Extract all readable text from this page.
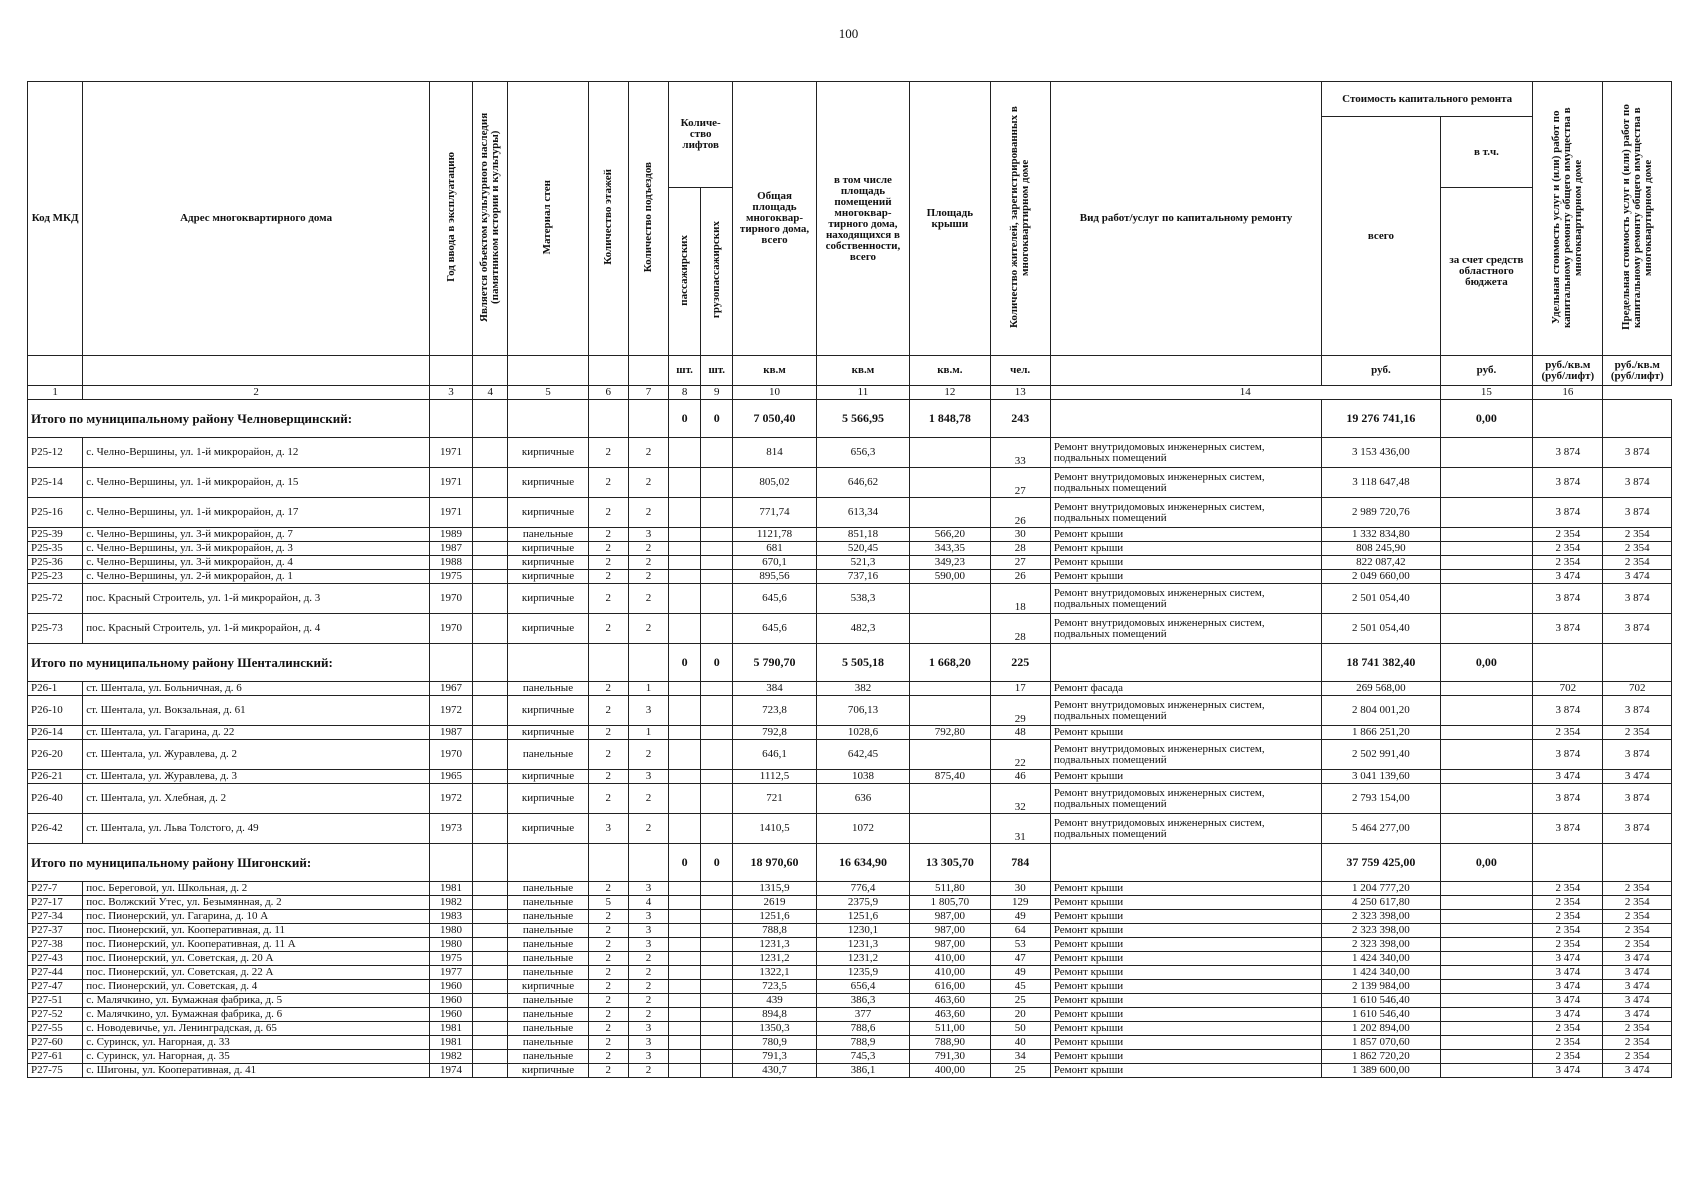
100
Код МКД	Адрес многоквартирного дома	Год ввода в эксплуатацию	Является объектом культурного наследия (памятником истории и культуры)	Материал стен	Количество этажей	Количество подъездов	Количе-ство лифтов		Общая площадь многоквар-тирного дома, всего	в том числе площадь помещений многоквар-тирного дома, находящихся в собственности, всего	Площадь крыши	Количество жителей, зарегистрированных в многоквартирном доме	Вид работ/услуг по капитальному ремонту	Стоимость капитального ремонта		Удельная стоимость услуг и (или) работ по капитальному ремонту общего имущества в многоквартирном доме	Предельная стоимость услуг и (или) работ по капитальному ремонту общего имущества в многоквартирном доме
														всего	в т.ч.		
							пассажирских	грузопассажирских							за счет средств областного бюджета		
							шт.	шт.	кв.м	кв.м	кв.м.	чел.		руб.	руб.	руб./кв.м (руб/лифт)	руб./кв.м (руб/лифт)
1	2	3	4	5	6	7	8	9	10	11	12	13	14		15	16	
Итого по муниципальному району Челноверщинский:							0	0	7 050,40	5 566,95	1 848,78	243		19 276 741,16	0,00		
P25-12	с. Челно-Вершины, ул. 1-й микрорайон, д. 12	1971		кирпичные	2	2			814	656,3		33	Ремонт внутридомовых инженерных систем, подвальных помещений	3 153 436,00		3 874	3 874
P25-14	с. Челно-Вершины, ул. 1-й микрорайон, д. 15	1971		кирпичные	2	2			805,02	646,62		27	Ремонт внутридомовых инженерных систем, подвальных помещений	3 118 647,48		3 874	3 874
P25-16	с. Челно-Вершины, ул. 1-й микрорайон, д. 17	1971		кирпичные	2	2			771,74	613,34		26	Ремонт внутридомовых инженерных систем, подвальных помещений	2 989 720,76		3 874	3 874
P25-39	с. Челно-Вершины, ул. 3-й микрорайон, д. 7	1989		панельные	2	3			1121,78	851,18	566,20	30	Ремонт крыши	1 332 834,80		2 354	2 354
P25-35	с. Челно-Вершины, ул. 3-й микрорайон, д. 3	1987		кирпичные	2	2			681	520,45	343,35	28	Ремонт крыши	808 245,90		2 354	2 354
P25-36	с. Челно-Вершины, ул. 3-й микрорайон, д. 4	1988		кирпичные	2	2			670,1	521,3	349,23	27	Ремонт крыши	822 087,42		2 354	2 354
P25-23	с. Челно-Вершины, ул. 2-й микрорайон, д. 1	1975		кирпичные	2	2			895,56	737,16	590,00	26	Ремонт крыши	2 049 660,00		3 474	3 474
P25-72	пос. Красный Строитель, ул. 1-й микрорайон, д. 3	1970		кирпичные	2	2			645,6	538,3		18	Ремонт внутридомовых инженерных систем, подвальных помещений	2 501 054,40		3 874	3 874
P25-73	пос. Красный Строитель, ул. 1-й микрорайон, д. 4	1970		кирпичные	2	2			645,6	482,3		28	Ремонт внутридомовых инженерных систем, подвальных помещений	2 501 054,40		3 874	3 874
Итого по муниципальному району Шенталинский:							0	0	5 790,70	5 505,18	1 668,20	225		18 741 382,40	0,00		
P26-1	ст. Шентала, ул. Больничная, д. 6	1967		панельные	2	1			384	382		17	Ремонт фасада	269 568,00		702	702
P26-10	ст. Шентала, ул. Вокзальная, д. 61	1972		кирпичные	2	3			723,8	706,13		29	Ремонт внутридомовых инженерных систем, подвальных помещений	2 804 001,20		3 874	3 874
P26-14	ст. Шентала, ул. Гагарина, д. 22	1987		кирпичные	2	1			792,8	1028,6	792,80	48	Ремонт крыши	1 866 251,20		2 354	2 354
P26-20	ст. Шентала, ул. Журавлева, д. 2	1970		панельные	2	2			646,1	642,45		22	Ремонт внутридомовых инженерных систем, подвальных помещений	2 502 991,40		3 874	3 874
P26-21	ст. Шентала, ул. Журавлева, д. 3	1965		кирпичные	2	3			1112,5	1038	875,40	46	Ремонт крыши	3 041 139,60		3 474	3 474
P26-40	ст. Шентала, ул. Хлебная, д. 2	1972		кирпичные	2	2			721	636		32	Ремонт внутридомовых инженерных систем, подвальных помещений	2 793 154,00		3 874	3 874
P26-42	ст. Шентала, ул. Льва Толстого, д. 49	1973		кирпичные	3	2			1410,5	1072		31	Ремонт внутридомовых инженерных систем, подвальных помещений	5 464 277,00		3 874	3 874
Итого по муниципальному району Шигонский:							0	0	18 970,60	16 634,90	13 305,70	784		37 759 425,00	0,00		
P27-7	пос. Береговой, ул. Школьная, д. 2	1981		панельные	2	3			1315,9	776,4	511,80	30	Ремонт крыши	1 204 777,20		2 354	2 354
P27-17	пос. Волжский Утес, ул. Безымянная, д. 2	1982		панельные	5	4			2619	2375,9	1 805,70	129	Ремонт крыши	4 250 617,80		2 354	2 354
P27-34	пос. Пионерский, ул. Гагарина, д. 10 А	1983		панельные	2	3			1251,6	1251,6	987,00	49	Ремонт крыши	2 323 398,00		2 354	2 354
P27-37	пос. Пионерский, ул. Кооперативная, д. 11	1980		панельные	2	3			788,8	1230,1	987,00	64	Ремонт крыши	2 323 398,00		2 354	2 354
P27-38	пос. Пионерский, ул. Кооперативная, д. 11 А	1980		панельные	2	3			1231,3	1231,3	987,00	53	Ремонт крыши	2 323 398,00		2 354	2 354
P27-43	пос. Пионерский, ул. Советская, д. 20 А	1975		панельные	2	2			1231,2	1231,2	410,00	47	Ремонт крыши	1 424 340,00		3 474	3 474
P27-44	пос. Пионерский, ул. Советская, д. 22 А	1977		панельные	2	2			1322,1	1235,9	410,00	49	Ремонт крыши	1 424 340,00		3 474	3 474
P27-47	пос. Пионерский, ул. Советская, д. 4	1960		кирпичные	2	2			723,5	656,4	616,00	45	Ремонт крыши	2 139 984,00		3 474	3 474
P27-51	с. Малячкино, ул. Бумажная фабрика, д. 5	1960		панельные	2	2			439	386,3	463,60	25	Ремонт крыши	1 610 546,40		3 474	3 474
P27-52	с. Малячкино, ул. Бумажная фабрика, д. 6	1960		панельные	2	2			894,8	377	463,60	20	Ремонт крыши	1 610 546,40		3 474	3 474
P27-55	с. Новодевичье, ул. Ленинградская, д. 65	1981		панельные	2	3			1350,3	788,6	511,00	50	Ремонт крыши	1 202 894,00		2 354	2 354
P27-60	с. Суринск, ул. Нагорная, д. 33	1981		панельные	2	3			780,9	788,9	788,90	40	Ремонт крыши	1 857 070,60		2 354	2 354
P27-61	с. Суринск, ул. Нагорная, д. 35	1982		панельные	2	3			791,3	745,3	791,30	34	Ремонт крыши	1 862 720,20		2 354	2 354
P27-75	с. Шигоны, ул. Кооперативная, д. 41	1974		кирпичные	2	2			430,7	386,1	400,00	25	Ремонт крыши	1 389 600,00		3 474	3 474
